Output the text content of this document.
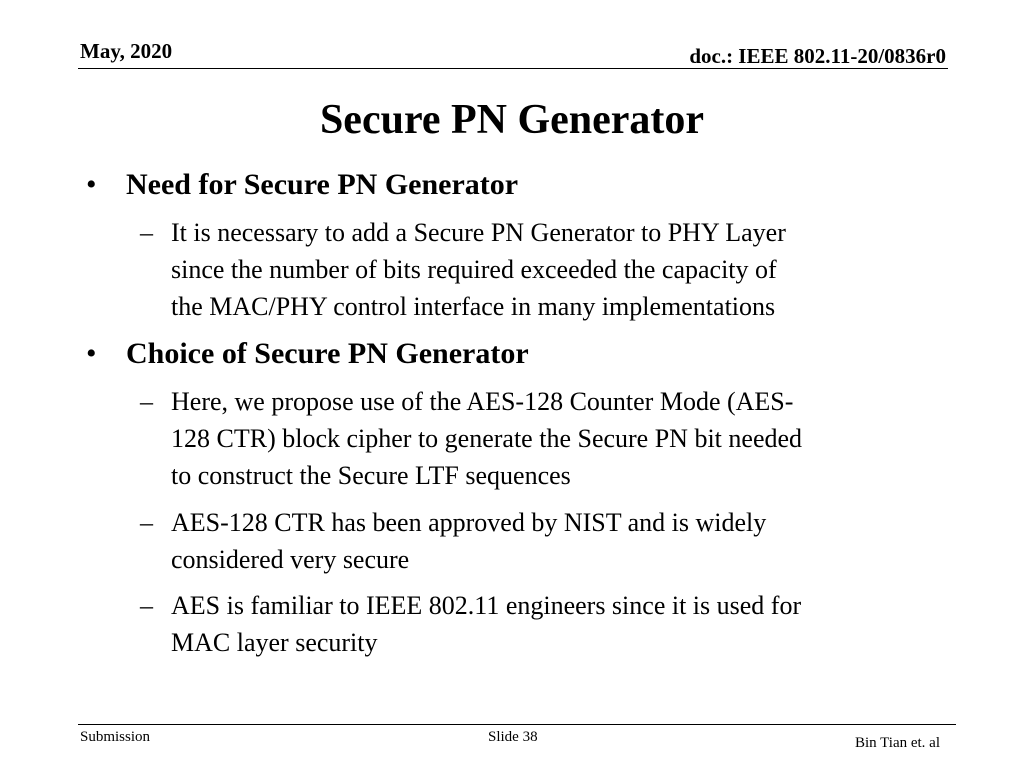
May, 2020	doc.: IEEE 802.11-20/0836r0
Secure PN Generator
• Need for Secure PN Generator
– It is necessary to add a Secure PN Generator to PHY Layer
since the number of bits required exceeded the capacity of
the MAC/PHY control interface in many implementations
• Choice of Secure PN Generator
– Here, we propose use of the AES-128 Counter Mode (AES-
128 CTR) block cipher to generate the Secure PN bit needed
to construct the Secure LTF sequences
– AES-128 CTR has been approved by NIST and is widely
considered very secure
– AES is familiar to IEEE 802.11 engineers since it is used for
MAC layer security
Submission	Slide 38	Bin Tian et. al
